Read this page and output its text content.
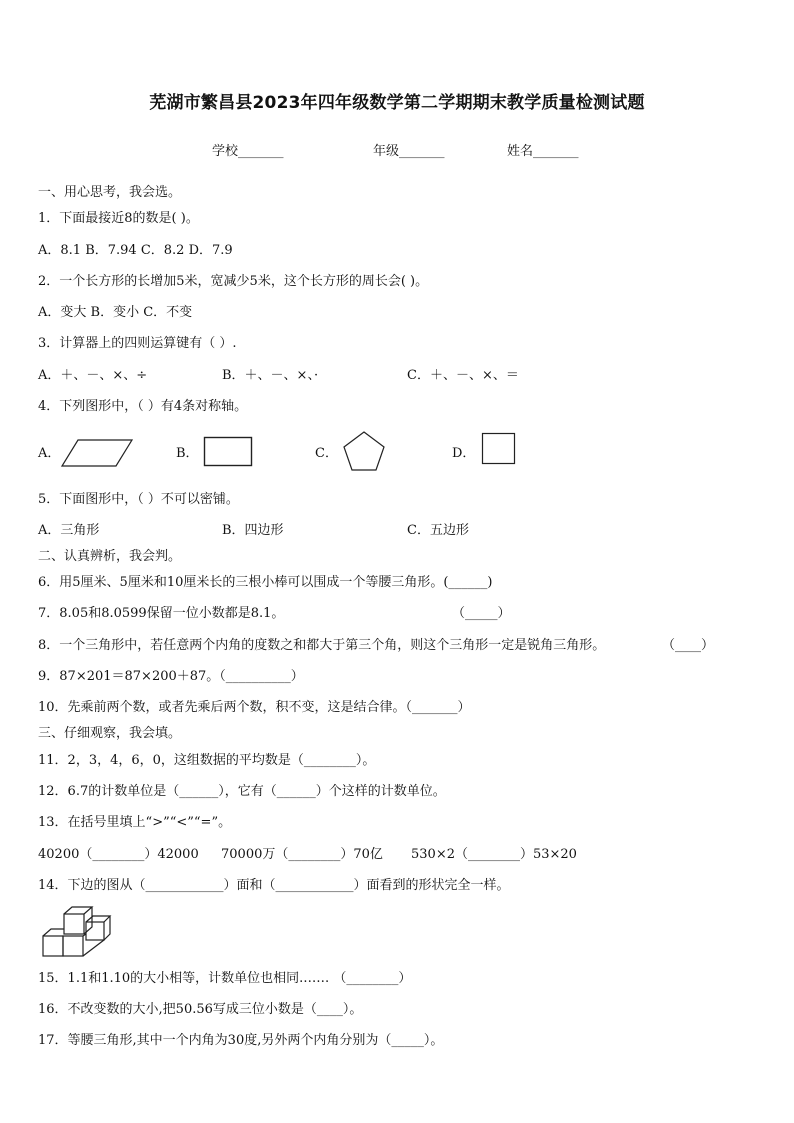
芜湖市繁昌县2023年四年级数学第二学期期末教学质量检测试题
学校_______	年级_______	姓名_______
一、用心思考，我会选。
1．下面最接近8的数是( )。
A．8.1 B．7.94 C．8.2 D．7.9
2．一个长方形的长增加5米，宽减少5米，这个长方形的周长会( )。
A．变大 B．变小 C．不变
3．计算器上的四则运算键有（ ）.
A．＋、－、×、÷	B．＋、－、×、·	C．＋、－、×、＝
4．下列图形中，（ ）有4条对称轴。
A．	B．	C．	D．
5．下面图形中，（ ）不可以密铺。
A．三角形	B．四边形	C．五边形
二、认真辨析，我会判。
6．用5厘米、5厘米和10厘米长的三根小棒可以围成一个等腰三角形。(______)
7．8.05和8.0599保留一位小数都是8.1。	（_____）
8．一个三角形中，若任意两个内角的度数之和都大于第三个角，则这个三角形一定是锐角三角形。	（____）
9．87×201＝87×200＋87。（__________）
10．先乘前两个数，或者先乘后两个数，积不变，这是结合律。（_______）
三、仔细观察，我会填。
11．2，3，4，6，0，这组数据的平均数是（________）。
12．6.7的计数单位是（______），它有（______）个这样的计数单位。
13．在括号里填上“>”“<”“=”。
40200（________）42000 70000万（________）70亿 530×2（________）53×20
14．下边的图从（____________）面和（____________）面看到的形状完全一样。
15．1.1和1.10的大小相等，计数单位也相同.…… （________）
16．不改变数的大小,把50.56写成三位小数是（____）。
17．等腰三角形,其中一个内角为30度,另外两个内角分别为（_____）。
